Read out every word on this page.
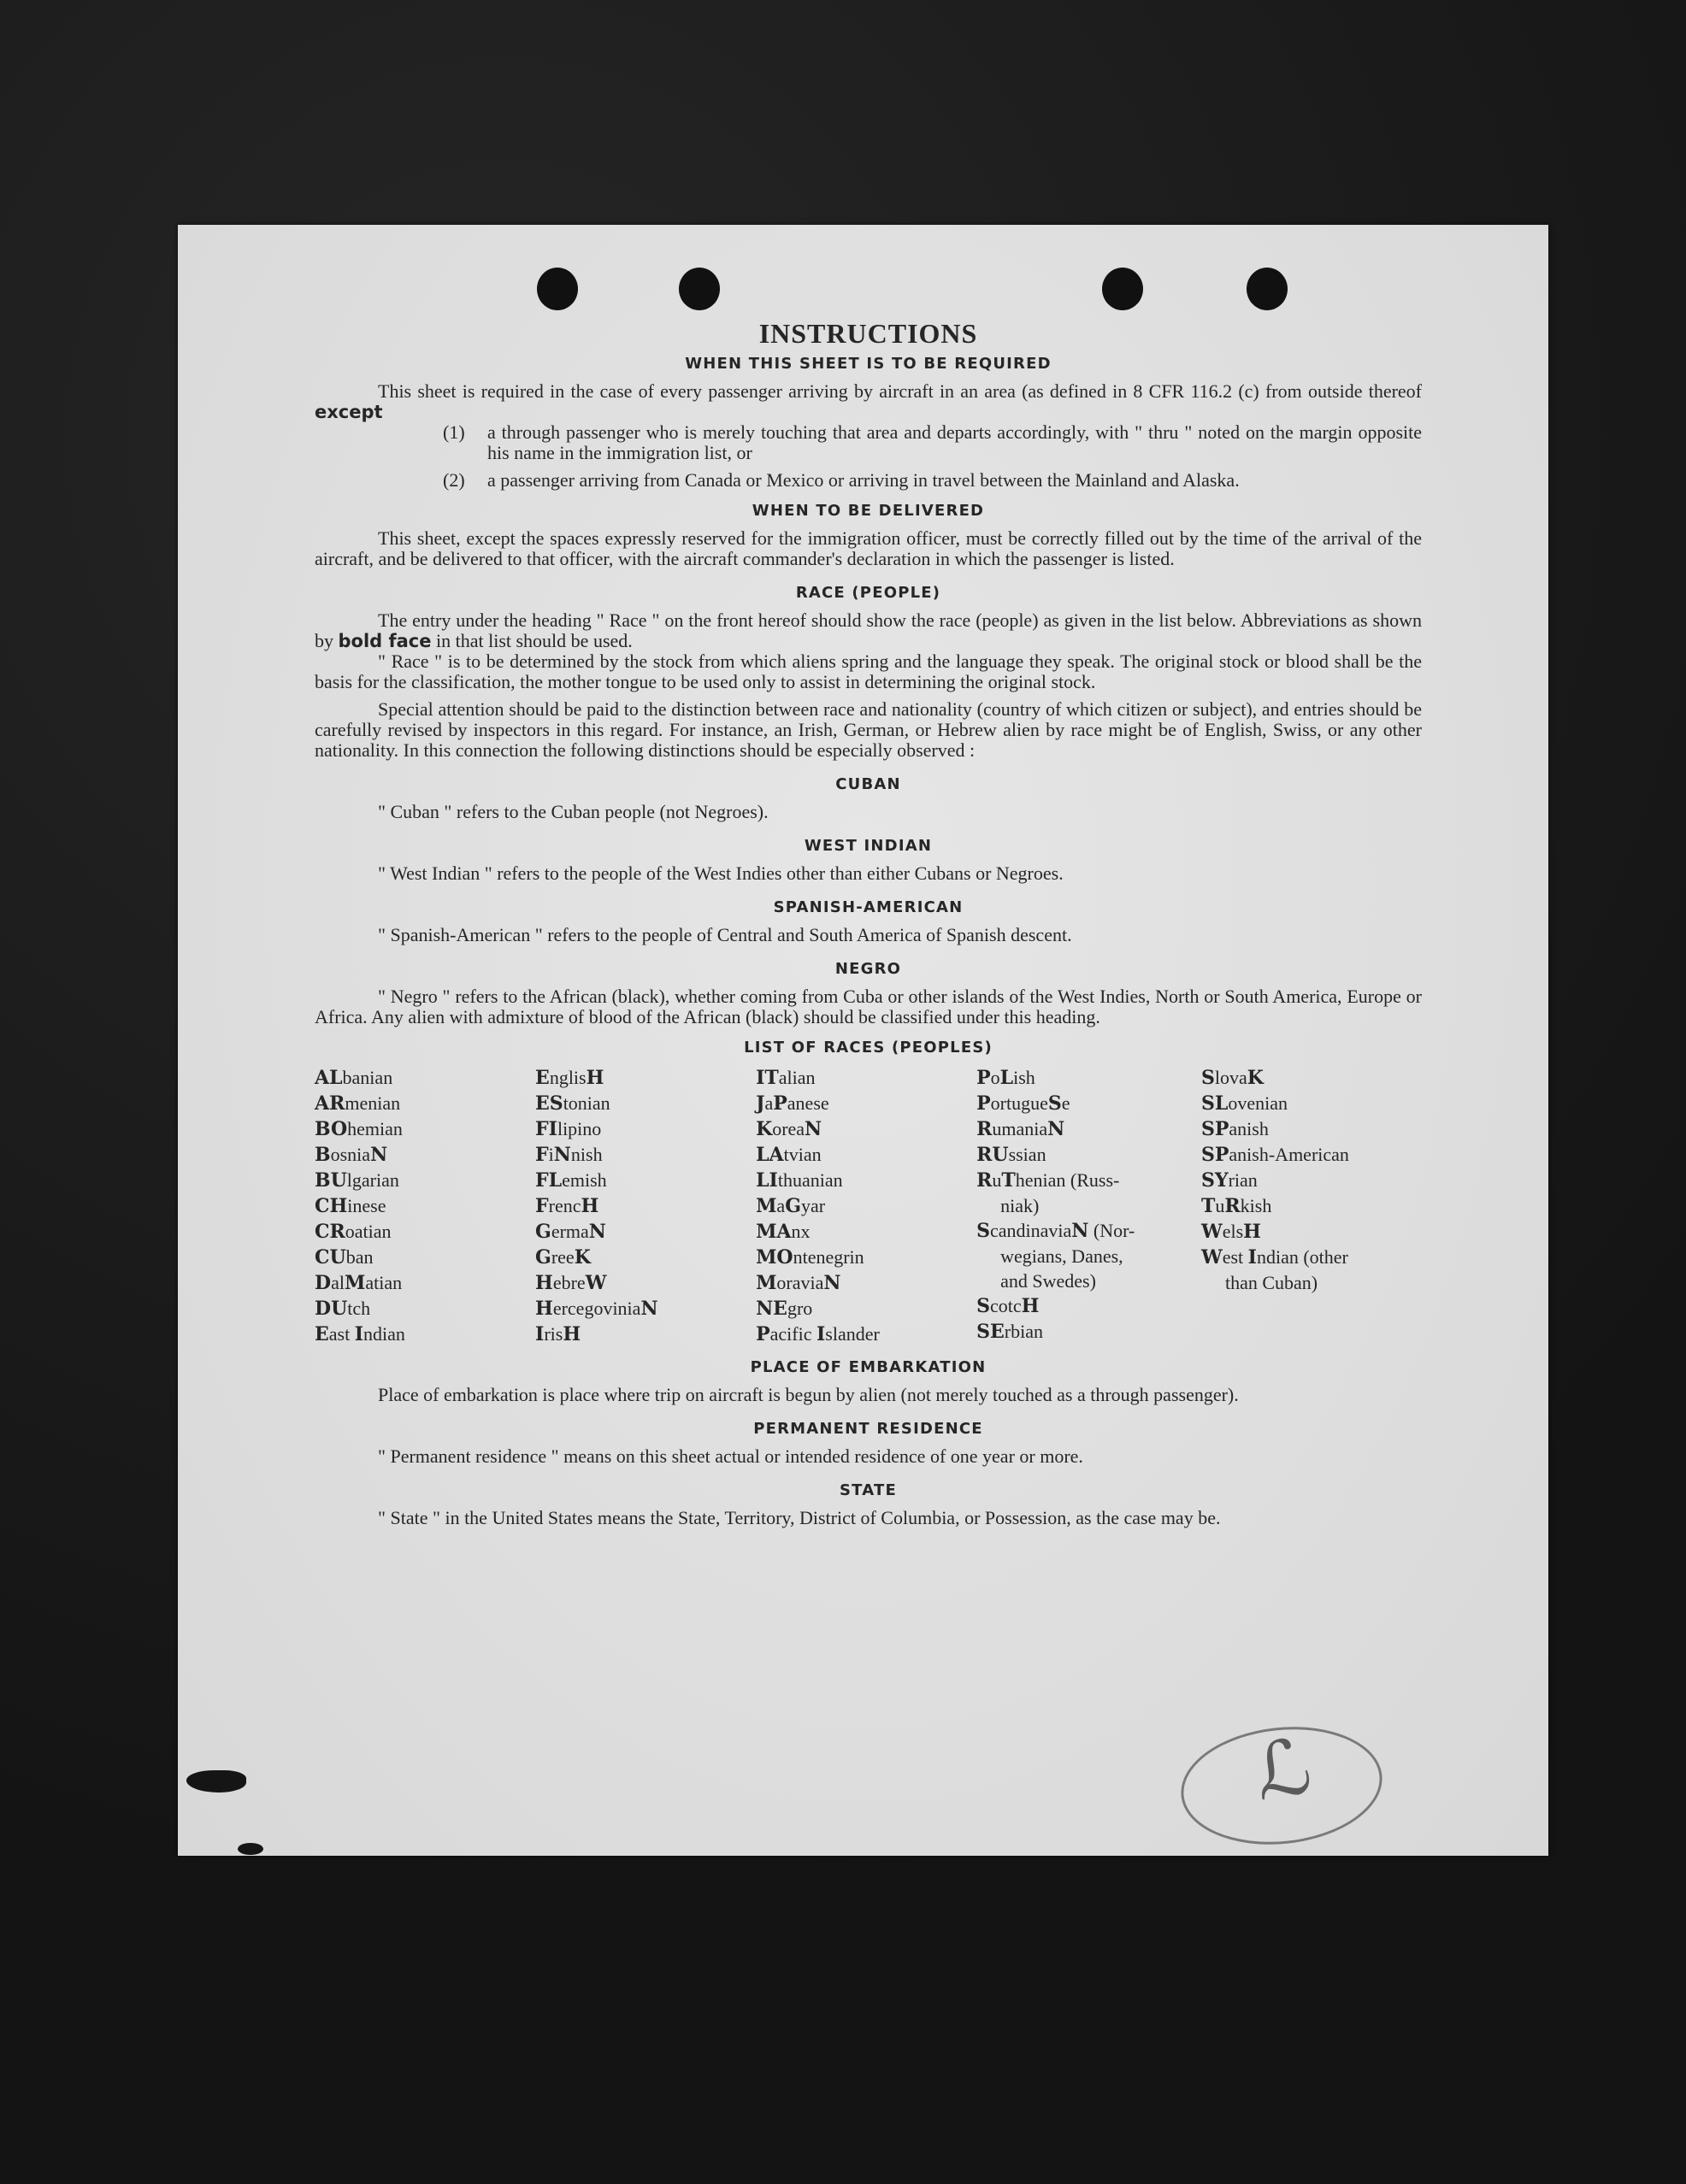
ℒ
INSTRUCTIONS
WHEN THIS SHEET IS TO BE REQUIRED

This sheet is required in the case of every passenger arriving by aircraft in an area (as defined in 8 CFR 116.2 (c) from outside thereof except

(1)	a through passenger who is merely touching that area and departs accordingly, with " thru " noted on the margin opposite his name in the immigration list, or
(2)	a passenger arriving from Canada or Mexico or arriving in travel between the Mainland and Alaska.
WHEN TO BE DELIVERED

This sheet, except the spaces expressly reserved for the immigration officer, must be correctly filled out by the time of the arrival of the aircraft, and be delivered to that officer, with the aircraft commander's declaration in which the passenger is listed.

RACE (PEOPLE)

The entry under the heading " Race " on the front hereof should show the race (people) as given in the list below. Abbreviations as shown by bold face in that list should be used.

" Race " is to be determined by the stock from which aliens spring and the language they speak. The original stock or blood shall be the basis for the classification, the mother tongue to be used only to assist in determining the original stock.

Special attention should be paid to the distinction between race and nationality (country of which citizen or subject), and entries should be carefully revised by inspectors in this regard. For instance, an Irish, German, or Hebrew alien by race might be of English, Swiss, or any other nationality. In this connection the following distinctions should be especially observed :

CUBAN

" Cuban " refers to the Cuban people (not Negroes).

WEST INDIAN

" West Indian " refers to the people of the West Indies other than either Cubans or Negroes.

SPANISH-AMERICAN

" Spanish-American " refers to the people of Central and South America of Spanish descent.

NEGRO

" Negro " refers to the African (black), whether coming from Cuba or other islands of the West Indies, North or South America, Europe or Africa. Any alien with admixture of blood of the African (black) should be classified under this heading.

LIST OF RACES (PEOPLES)
ALbanian
ARmenian
BOhemian
BosniaN
BUlgarian
CHinese
CRoatian
CUban
DalMatian
DUtch
East Indian
EnglisH
EStonian
FIlipino
FiNnish
FLemish
FrencH
GermaN
GreeK
HebreW
HercegoviniaN
IrisH
ITalian
JaPanese
KoreaN
LAtvian
LIthuanian
MaGyar
MAnx
MOntenegrin
MoraviaN
NEgro
Pacific Islander
PoLish
PortugueSe
RumaniaN
RUssian
RuThenian (Russ-
niak)
ScandinaviaN (Nor-
wegians, Danes,
and Swedes)
ScotcH
SErbian
SlovaK
SLovenian
SPanish
SPanish-American
SYrian
TuRkish
WelsH
West Indian (other
than Cuban)
PLACE OF EMBARKATION

Place of embarkation is place where trip on aircraft is begun by alien (not merely touched as a through passenger).

PERMANENT RESIDENCE

" Permanent residence " means on this sheet actual or intended residence of one year or more.

STATE

" State " in the United States means the State, Territory, District of Columbia, or Possession, as the case may be.
